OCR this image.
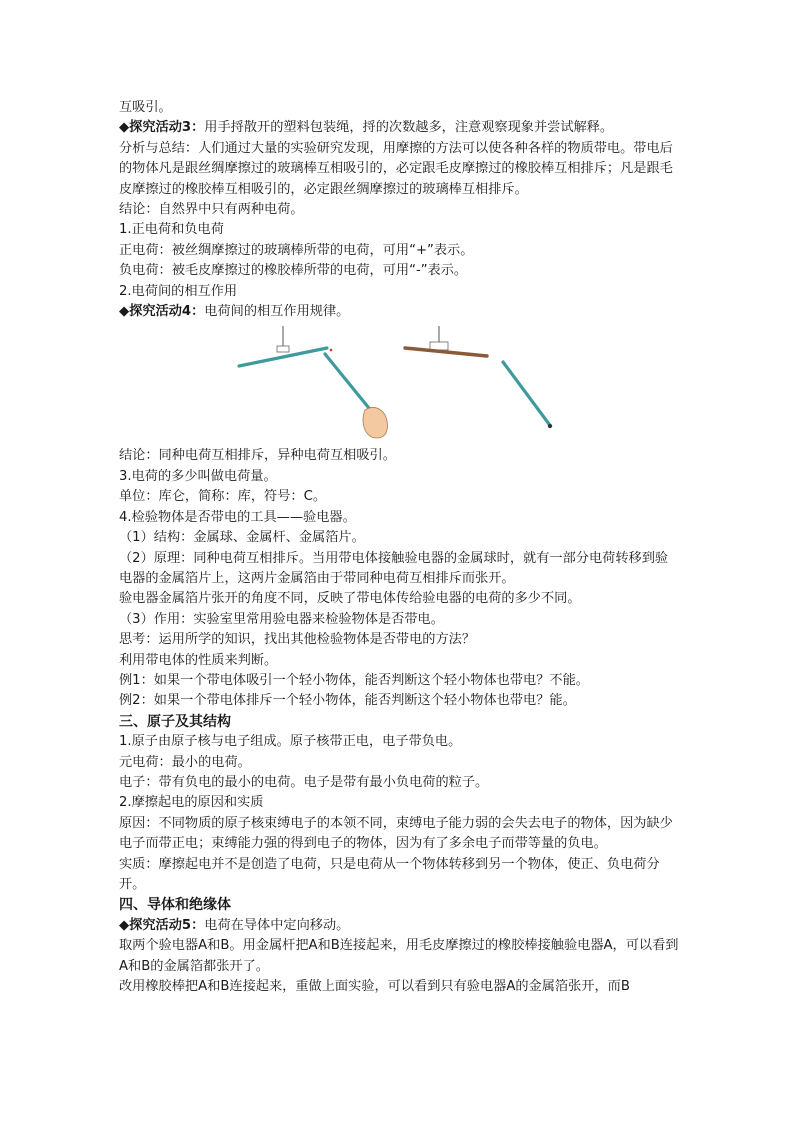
互吸引。
◆探究活动3：用手捋散开的塑料包装绳，捋的次数越多，注意观察现象并尝试解释。
分析与总结：人们通过大量的实验研究发现，用摩擦的方法可以使各种各样的物质带电。带电后的物体凡是跟丝绸摩擦过的玻璃棒互相吸引的，必定跟毛皮摩擦过的橡胶棒互相排斥；凡是跟毛皮摩擦过的橡胶棒互相吸引的，必定跟丝绸摩擦过的玻璃棒互相排斥。
结论：自然界中只有两种电荷。
1.正电荷和负电荷
正电荷：被丝绸摩擦过的玻璃棒所带的电荷，可用“+”表示。
负电荷：被毛皮摩擦过的橡胶棒所带的电荷，可用“-”表示。
2.电荷间的相互作用
◆探究活动4：电荷间的相互作用规律。
结论：同种电荷互相排斥，异种电荷互相吸引。
3.电荷的多少叫做电荷量。
单位：库仑，简称：库，符号：C。
4.检验物体是否带电的工具——验电器。
（1）结构：金属球、金属杆、金属箔片。
（2）原理：同种电荷互相排斥。当用带电体接触验电器的金属球时，就有一部分电荷转移到验电器的金属箔片上，这两片金属箔由于带同种电荷互相排斥而张开。
验电器金属箔片张开的角度不同，反映了带电体传给验电器的电荷的多少不同。
（3）作用：实验室里常用验电器来检验物体是否带电。
思考：运用所学的知识，找出其他检验物体是否带电的方法？
利用带电体的性质来判断。
例1：如果一个带电体吸引一个轻小物体，能否判断这个轻小物体也带电？不能。
例2：如果一个带电体排斥一个轻小物体，能否判断这个轻小物体也带电？能。
三、原子及其结构
1.原子由原子核与电子组成。原子核带正电，电子带负电。
元电荷：最小的电荷。
电子：带有负电的最小的电荷。电子是带有最小负电荷的粒子。
2.摩擦起电的原因和实质
原因：不同物质的原子核束缚电子的本领不同，束缚电子能力弱的会失去电子的物体，因为缺少电子而带正电；束缚能力强的得到电子的物体，因为有了多余电子而带等量的负电。
实质：摩擦起电并不是创造了电荷，只是电荷从一个物体转移到另一个物体，使正、负电荷分开。
四、导体和绝缘体
◆探究活动5：电荷在导体中定向移动。
取两个验电器A和B。用金属杆把A和B连接起来，用毛皮摩擦过的橡胶棒接触验电器A，可以看到A和B的金属箔都张开了。
改用橡胶棒把A和B连接起来，重做上面实验，可以看到只有验电器A的金属箔张开，而B
